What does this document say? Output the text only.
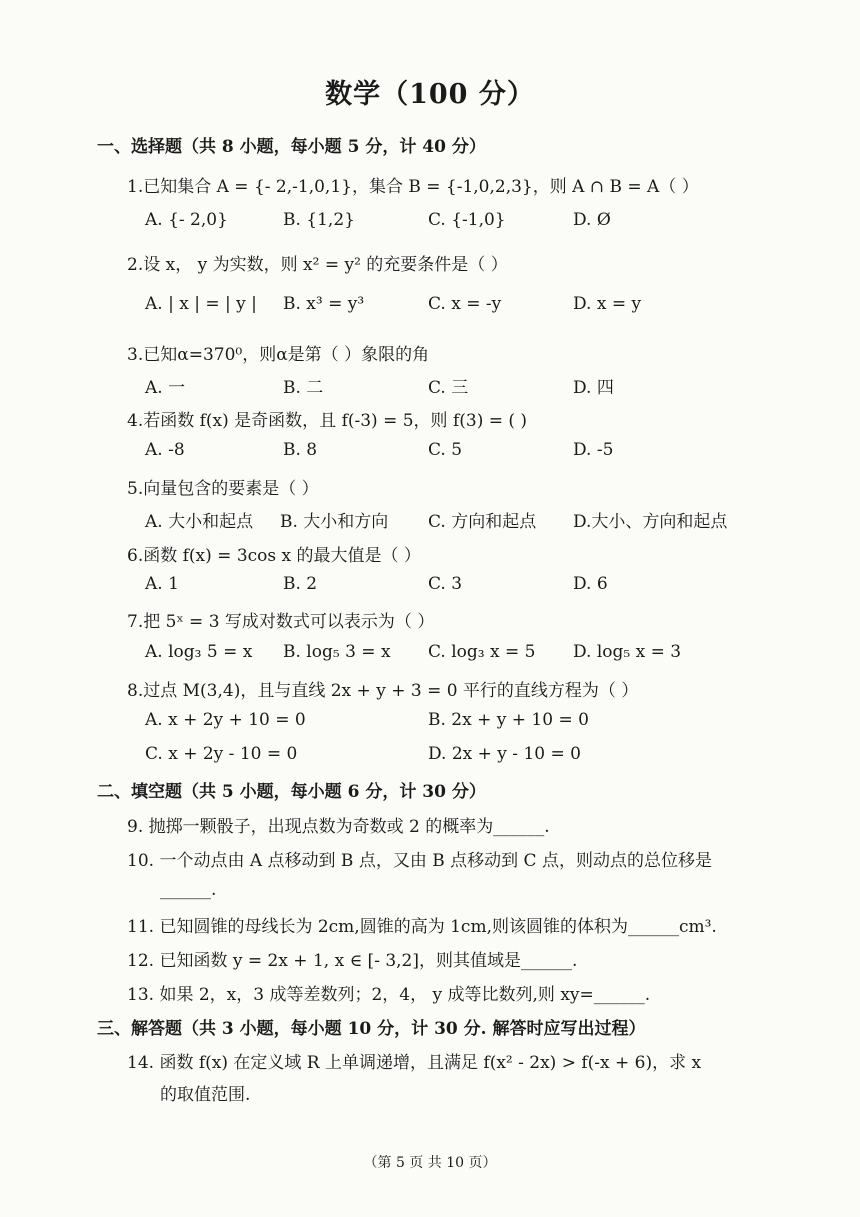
数学（100 分）
一、选择题（共 8 小题，每小题 5 分，计 40 分）
1.已知集合 A = {- 2,-1,0,1}，集合 B = {-1,0,2,3}，则 A ∩ B = A（ ）
A. {- 2,0}	B. {1,2}	C. {-1,0}	D. Ø
2.设 x， y 为实数，则 x² = y² 的充要条件是（ ）
A. | x | = | y | B. x³ = y³	C. x = -y	D. x = y
3.已知α=370⁰，则α是第（ ）象限的角
A. 一	B. 二	C. 三	D. 四
4.若函数 f(x) 是奇函数，且 f(-3) = 5，则 f(3) = ( )
A. -8	B. 8	C. 5	D. -5
5.向量包含的要素是（ ）
A. 大小和起点 B. 大小和方向 C. 方向和起点 D.大小、方向和起点
6.函数 f(x) = 3cos x 的最大值是（ ）
A. 1	B. 2	C. 3	D. 6
7.把 5ˣ = 3 写成对数式可以表示为（ ）
A. log₃ 5 = x B. log₅ 3 = x C. log₃ x = 5 D. log₅ x = 3
8.过点 M(3,4)，且与直线 2x + y + 3 = 0 平行的直线方程为（ ）
A. x + 2y + 10 = 0	B. 2x + y + 10 = 0
C. x + 2y - 10 = 0	D. 2x + y - 10 = 0
二、填空题（共 5 小题，每小题 6 分，计 30 分）
9. 抛掷一颗骰子，出现点数为奇数或 2 的概率为______.
10. 一个动点由 A 点移动到 B 点，又由 B 点移动到 C 点，则动点的总位移是
______.
11. 已知圆锥的母线长为 2cm,圆锥的高为 1cm,则该圆锥的体积为______cm³.
12. 已知函数 y = 2x + 1, x ∈ [- 3,2]，则其值域是______.
13. 如果 2，x，3 成等差数列；2，4， y 成等比数列,则 xy=______.
三、解答题（共 3 小题，每小题 10 分，计 30 分. 解答时应写出过程）
14. 函数 f(x) 在定义域 R 上单调递增，且满足 f(x² - 2x) > f(-x + 6)，求 x
的取值范围.
（第 5 页 共 10 页）
